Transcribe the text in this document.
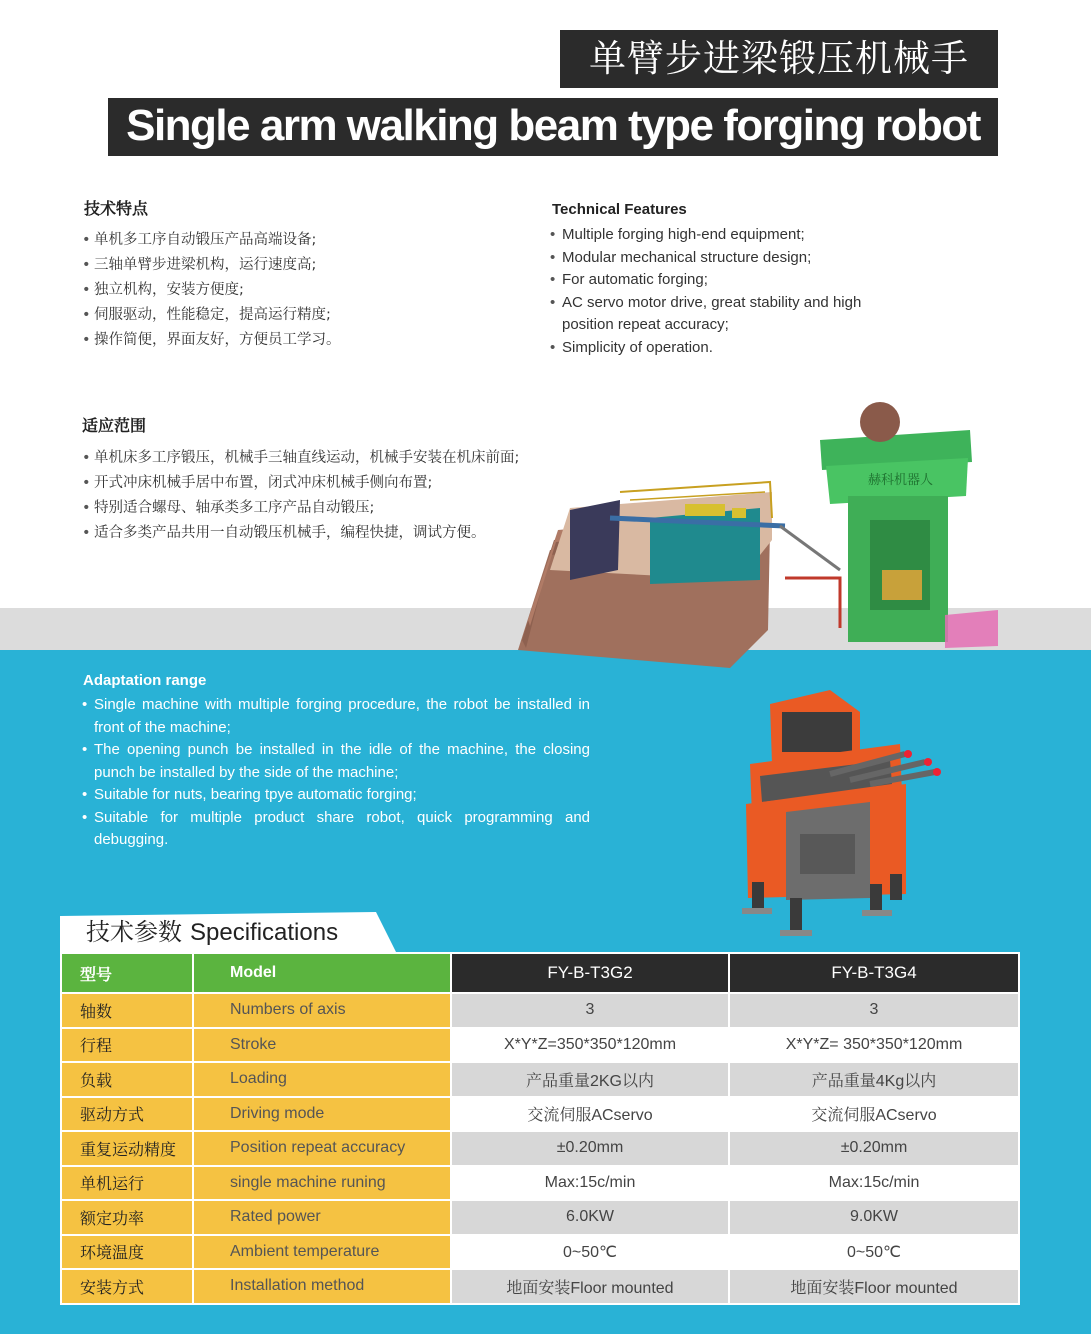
单臂步进梁锻压机械手
Single arm walking beam type forging robot
技术特点
• 单机多工序自动锻压产品高端设备;
• 三轴单臂步进梁机构，运行速度高;
• 独立机构，安装方便度;
• 伺服驱动，性能稳定，提高运行精度;
• 操作简便，界面友好，方便员工学习。
Technical Features
• Multiple forging high-end equipment;
• Modular mechanical structure design;
• For automatic forging;
• AC servo motor drive, great stability and high position repeat accuracy;
• Simplicity of operation.
适应范围
• 单机床多工序锻压，机械手三轴直线运动，机械手安装在机床前面;
• 开式冲床机械手居中布置，闭式冲床机械手侧向布置;
• 特别适合螺母、轴承类多工序产品自动锻压;
• 适合多类产品共用一自动锻压机械手，编程快捷，调试方便。
赫科机器人
Adaptation range
• Single machine with multiple forging procedure, the robot be installed in front of the machine;
• The opening punch be installed in the idle of the machine, the closing punch be installed by the side of the machine;
• Suitable for nuts, bearing tpye automatic forging;
• Suitable for multiple product share robot, quick programming and debugging.
技术参数 Specifications
型号	Model	FY-B-T3G2	FY-B-T3G4
轴数	Numbers of axis	3	3
行程	Stroke	X*Y*Z=350*350*120mm	X*Y*Z= 350*350*120mm
负载	Loading	产品重量2KG以内	产品重量4Kg以内
驱动方式	Driving mode	交流伺服ACservo	交流伺服ACservo
重复运动精度	Position repeat accuracy	±0.20mm	±0.20mm
单机运行	single machine runing	Max:15c/min	Max:15c/min
额定功率	Rated power	6.0KW	9.0KW
环境温度	Ambient temperature	0~50℃	0~50℃
安装方式	Installation method	地面安装Floor mounted	地面安装Floor mounted
